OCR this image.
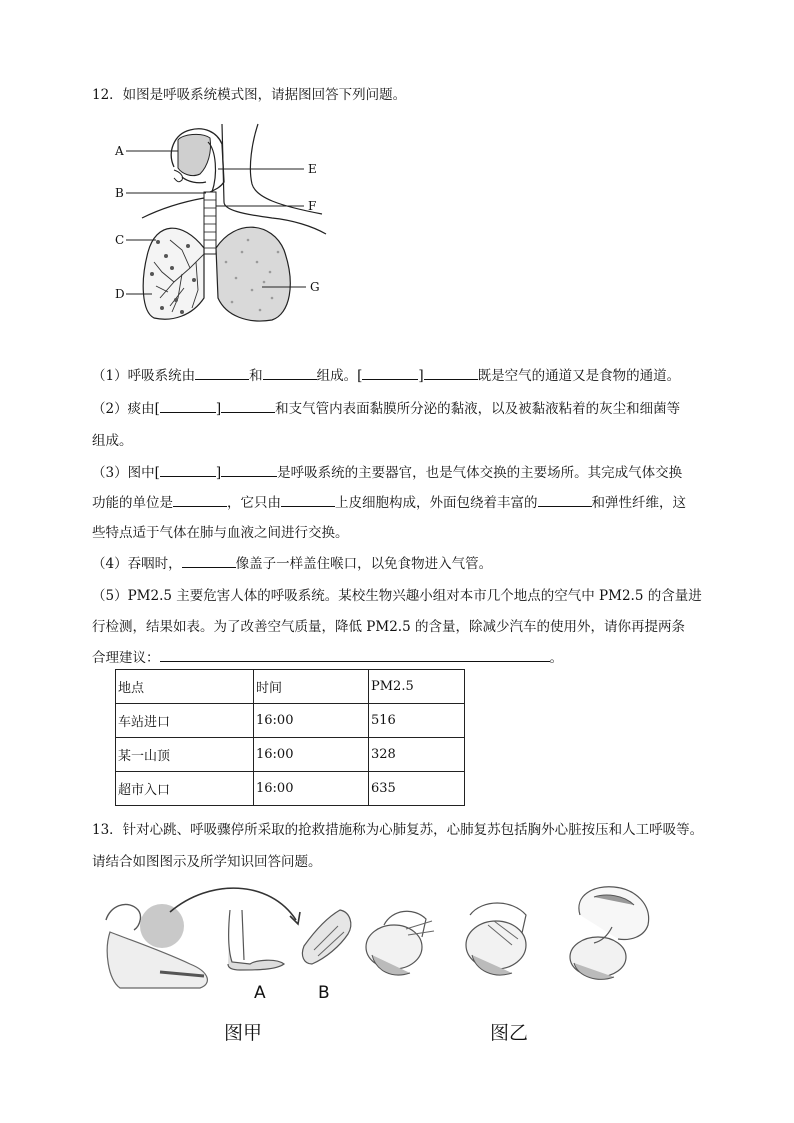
12．如图是呼吸系统模式图，请据图回答下列问题。
A
B
C
D
E
F
G
（1）呼吸系统由	和	组成。[	]	既是空气的通道又是食物的通道。
（2）痰由[	]	和支气管内表面黏膜所分泌的黏液，以及被黏液粘着的灰尘和细菌等
组成。
（3）图中[	]	是呼吸系统的主要器官，也是气体交换的主要场所。其完成气体交换
功能的单位是	，它只由	上皮细胞构成，外面包绕着丰富的	和弹性纤维，这
些特点适于气体在肺与血液之间进行交换。
（4）吞咽时，	像盖子一样盖住喉口，以免食物进入气管。
（5）PM2.5 主要危害人体的呼吸系统。某校生物兴趣小组对本市几个地点的空气中 PM2.5 的含量进
行检测，结果如表。为了改善空气质量，降低 PM2.5 的含量，除减少汽车的使用外，请你再提两条
合理建议：	。
地点	时间	PM2.5
车站进口	16:00	516
某一山顶	16:00	328
超市入口	16:00	635
13．针对心跳、呼吸骤停所采取的抢救措施称为心肺复苏，心肺复苏包括胸外心脏按压和人工呼吸等。
请结合如图图示及所学知识回答问题。
A	B
图甲	图乙
